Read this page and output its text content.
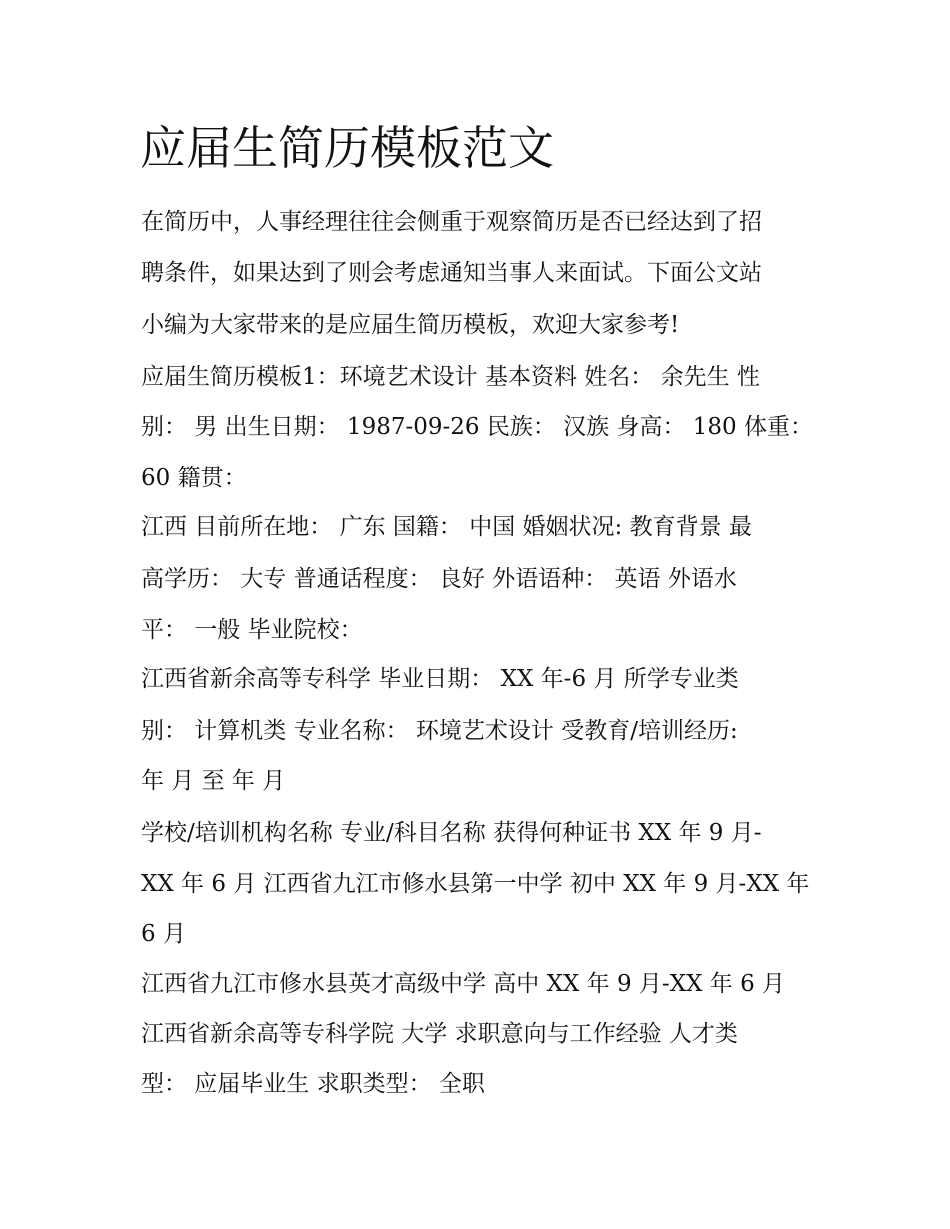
应届生简历模板范文
在简历中，人事经理往往会侧重于观察简历是否已经达到了招
聘条件，如果达到了则会考虑通知当事人来面试。下面公文站
小编为大家带来的是应届生简历模板，欢迎大家参考!
应届生简历模板1：环境艺术设计 基本资料 姓名： 余先生 性
别： 男 出生日期： 1987-09-26 民族： 汉族 身高： 180 体重：
60 籍贯：
江西 目前所在地： 广东 国籍： 中国 婚姻状况: 教育背景 最
高学历： 大专 普通话程度： 良好 外语语种： 英语 外语水
平： 一般 毕业院校：
江西省新余高等专科学 毕业日期： XX 年-6 月 所学专业类
别： 计算机类 专业名称： 环境艺术设计 受教育/培训经历:
年 月 至 年 月
学校/培训机构名称 专业/科目名称 获得何种证书 XX 年 9 月-
XX 年 6 月 江西省九江市修水县第一中学 初中 XX 年 9 月-XX 年
6 月
江西省九江市修水县英才高级中学 高中 XX 年 9 月-XX 年 6 月
江西省新余高等专科学院 大学 求职意向与工作经验 人才类
型： 应届毕业生 求职类型： 全职
